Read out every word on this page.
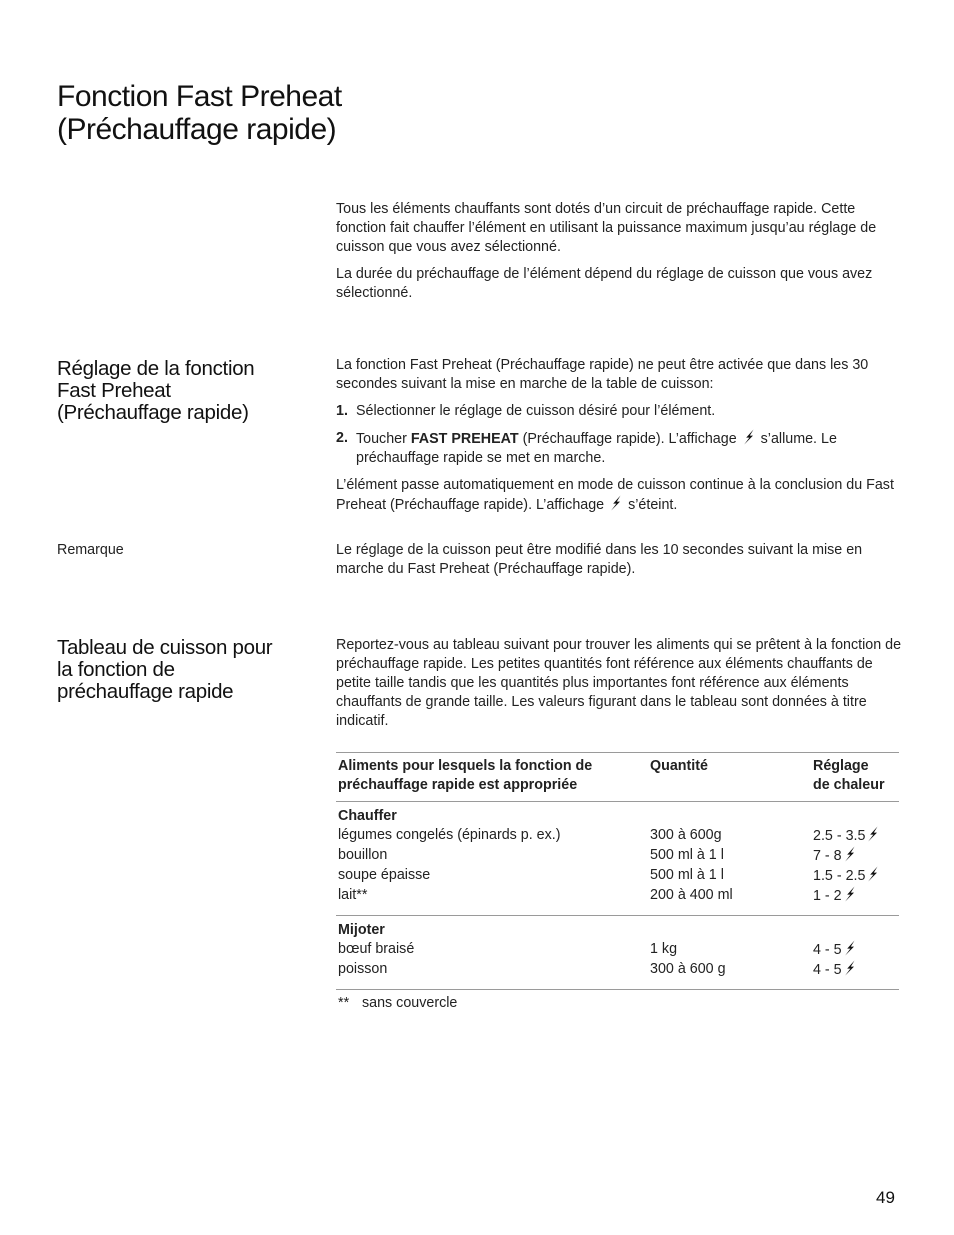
Fonction Fast Preheat
(Préchauffage rapide)

Tous les éléments chauffants sont dotés d’un circuit de préchauffage rapide. Cette fonction fait chauffer l’élément en utilisant la puissance maximum jusqu’au réglage de cuisson que vous avez sélectionné.

La durée du préchauffage de l’élément dépend du réglage de cuisson que vous avez sélectionné.

Réglage de la fonction
Fast Preheat
(Préchauffage rapide)

La fonction Fast Preheat (Préchauffage rapide) ne peut être activée que dans les 30 secondes suivant la mise en marche de la table de cuisson:

1. Sélectionner le réglage de cuisson désiré pour l’élément.
2. Toucher FAST PREHEAT (Préchauffage rapide). L’affichage
s’allume. Le préchauffage rapide se met en marche.

L’élément passe automatiquement en mode de cuisson continue à la conclusion du Fast Preheat (Préchauffage rapide). L’affichage
s’éteint.

Remarque	Le réglage de la cuisson peut être modifié dans les 10 secondes suivant la mise en marche du Fast Preheat (Préchauffage rapide).
Tableau de cuisson pour
la fonction de
préchauffage rapide
Reportez-vous au tableau suivant pour trouver les aliments qui se prêtent à la fonction de préchauffage rapide. Les petites quantités font référence aux éléments chauffants de petite taille tandis que les quantités plus importantes font référence aux éléments chauffants de grande taille. Les valeurs figurant dans le tableau sont données à titre indicatif.
Aliments pour lesquels la fonction de
préchauffage rapide est appropriée
Quantité	Réglage
de chaleur
Chauffer
légumes congelés (épinards p. ex.)	300 à 600g	2.5 - 3.5
bouillon	500 ml à 1 l	7 - 8
soupe épaisse	500 ml à 1 l	1.5 - 2.5
lait**	200 à 400 ml	1 - 2
Mijoter
bœuf braisé	1 kg	4 - 5
poisson	300 à 600 g	4 - 5
** sans couvercle
49
